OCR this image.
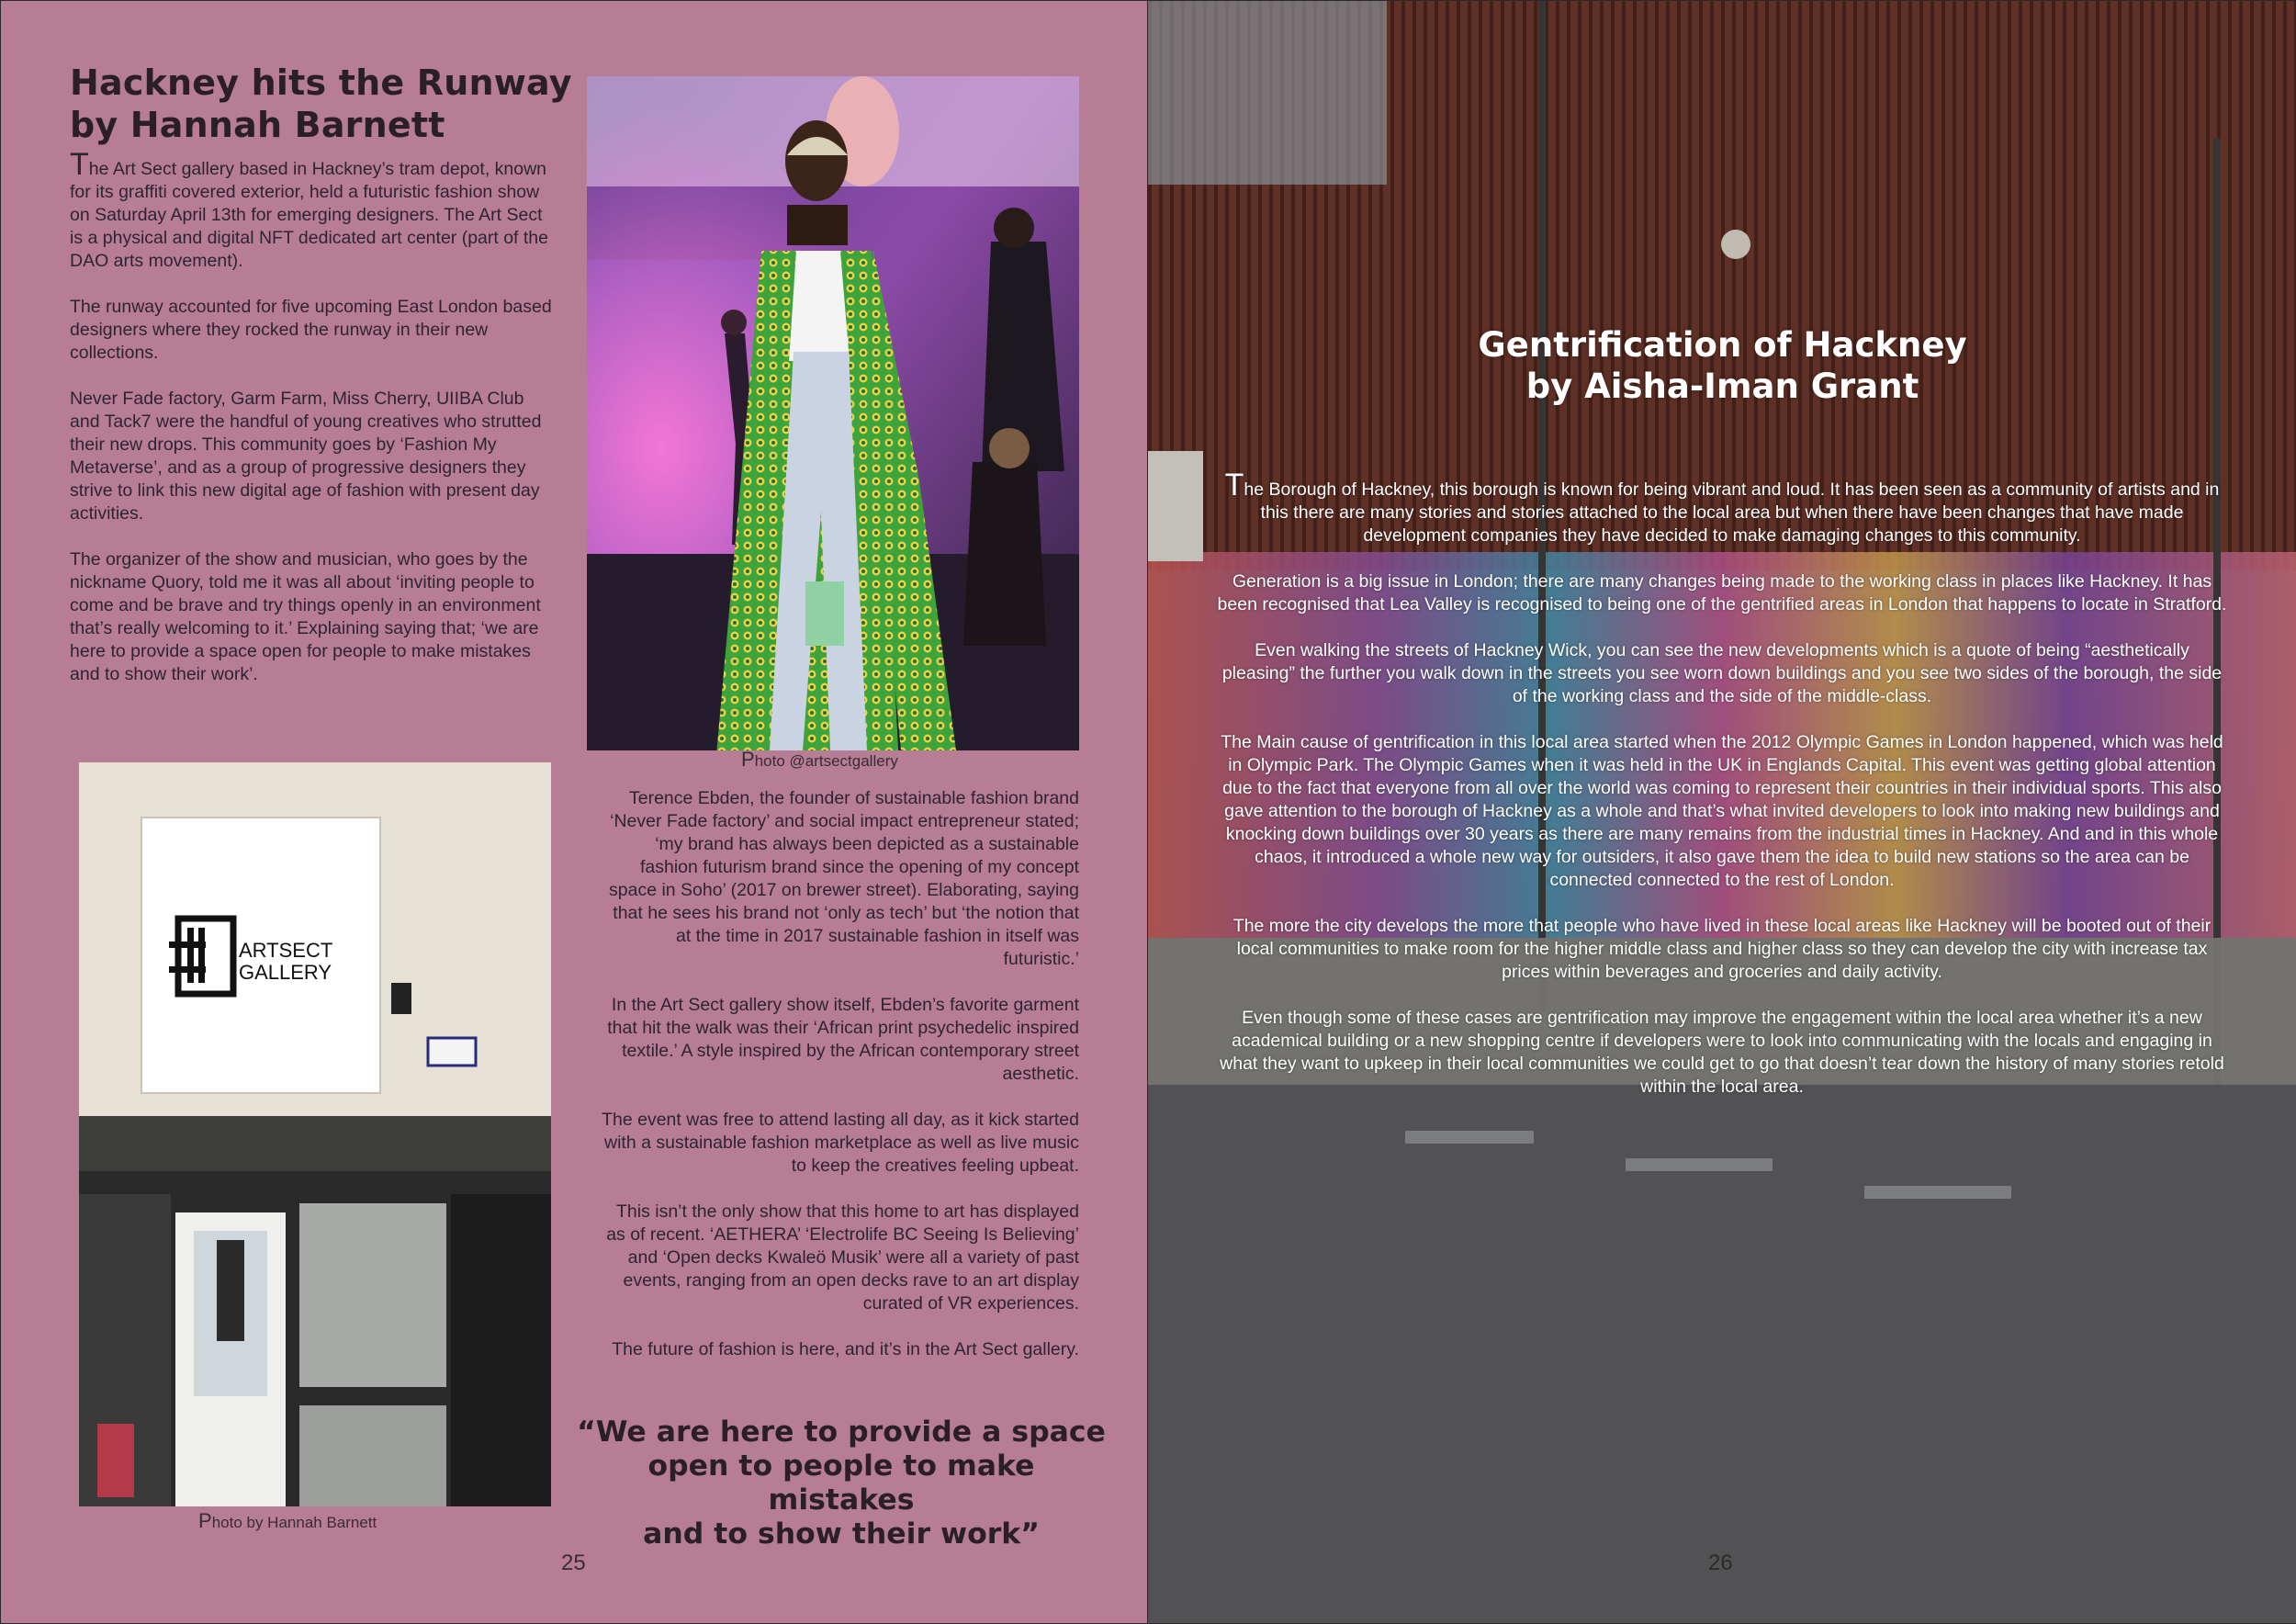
Hackney hits the Runway
by Hannah Barnett

The Art Sect gallery based in Hackney’s tram depot, known for its graffiti covered exterior, held a futuristic fashion show on Saturday April 13th for emerging designers. The Art Sect is a physical and digital NFT dedicated art center (part of the DAO arts movement).

The runway accounted for five upcoming East London based designers where they rocked the runway in their new collections.

Never Fade factory, Garm Farm, Miss Cherry, UIIBA Club and Tack7 were the handful of young creatives who strutted their new drops. This community goes by ‘Fashion My Metaverse’, and as a group of progressive designers they strive to link this new digital age of fashion with present day activities.

The organizer of the show and musician, who goes by the nickname Quory, told me it was all about ‘inviting people to come and be brave and try things openly in an environment that’s really welcoming to it.’ Explaining saying that; ‘we are here to provide a space open for people to make mistakes and to show their work’.

Photo @artsectgallery
ARTSECT
GALLERY
Photo by Hannah Barnett

Terence Ebden, the founder of sustainable fashion brand ‘Never Fade factory’ and social impact entrepreneur stated; ‘my brand has always been depicted as a sustainable fashion futurism brand since the opening of my concept space in Soho’ (2017 on brewer street). Elaborating, saying that he sees his brand not ‘only as tech’ but ‘the notion that at the time in 2017 sustainable fashion in itself was futuristic.’

In the Art Sect gallery show itself, Ebden’s favorite garment that hit the walk was their ‘African print psychedelic inspired textile.’ A style inspired by the African contemporary street aesthetic.

The event was free to attend lasting all day, as it kick started with a sustainable fashion marketplace as well as live music to keep the creatives feeling upbeat.

This isn’t the only show that this home to art has displayed as of recent. ‘AETHERA’ ‘Electrolife BC Seeing Is Believing’ and ‘Open decks Kwaleö Musik’ were all a variety of past events, ranging from an open decks rave to an art display curated of VR experiences.

The future of fashion is here, and it’s in the Art Sect gallery.

“We are here to provide a space
open to people to make mistakes
and to show their work”
25
Gentrification of Hackney
by Aisha-Iman Grant

The Borough of Hackney, this borough is known for being vibrant and loud. It has been seen as a community of artists and in this there are many stories and stories attached to the local area but when there have been changes that have made development companies they have decided to make damaging changes to this community.

Generation is a big issue in London; there are many changes being made to the working class in places like Hackney. It has been recognised that Lea Valley is recognised to being one of the gentrified areas in London that happens to locate in Stratford.

Even walking the streets of Hackney Wick, you can see the new developments which is a quote of being “aesthetically pleasing” the further you walk down in the streets you see worn down buildings and you see two sides of the borough, the side of the working class and the side of the middle-class.

The Main cause of gentrification in this local area started when the 2012 Olympic Games in London happened, which was held in Olympic Park. The Olympic Games when it was held in the UK in Englands Capital. This event was getting global attention due to the fact that everyone from all over the world was coming to represent their countries in their individual sports. This also gave attention to the borough of Hackney as a whole and that’s what invited developers to look into making new buildings and knocking down buildings over 30 years as there are many remains from the industrial times in Hackney. And and in this whole chaos, it introduced a whole new way for outsiders, it also gave them the idea to build new stations so the area can be connected connected to the rest of London.

The more the city develops the more that people who have lived in these local areas like Hackney will be booted out of their local communities to make room for the higher middle class and higher class so they can develop the city with increase tax prices within beverages and groceries and daily activity.

Even though some of these cases are gentrification may improve the engagement within the local area whether it’s a new academical building or a new shopping centre if developers were to look into communicating with the locals and engaging in what they want to upkeep in their local communities we could get to go that doesn’t tear down the history of many stories retold within the local area.

26
